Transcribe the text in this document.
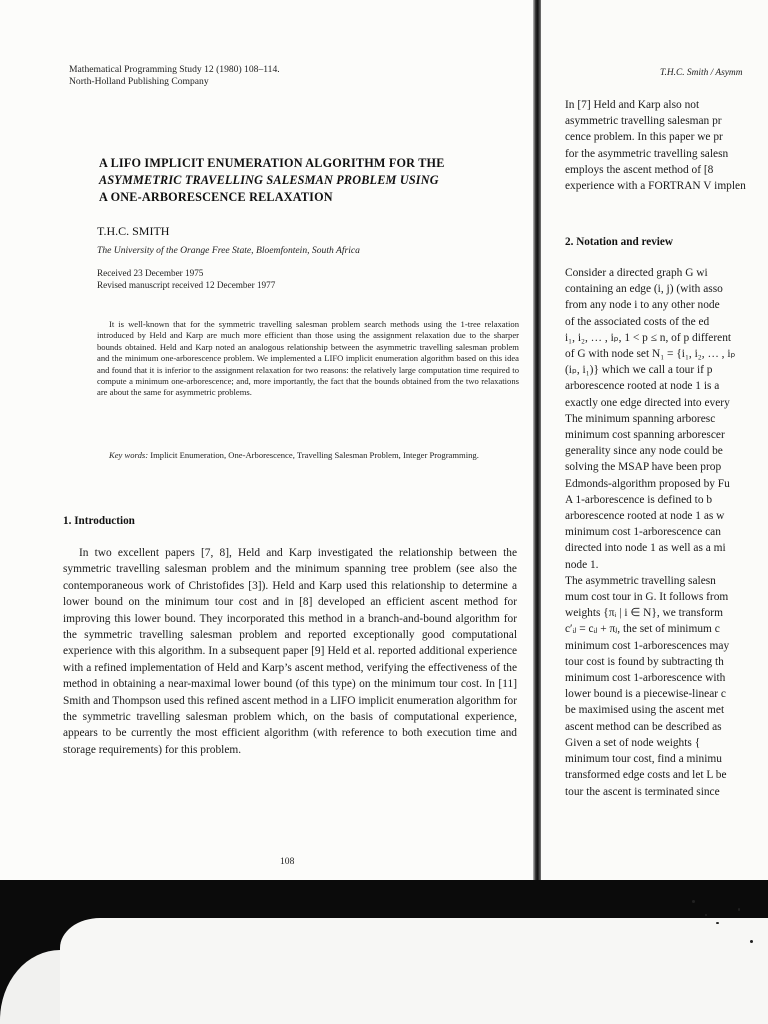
Mathematical Programming Study 12 (1980) 108–114.
North-Holland Publishing Company
A LIFO IMPLICIT ENUMERATION ALGORITHM FOR THE
ASYMMETRIC TRAVELLING SALESMAN PROBLEM USING
A ONE-ARBORESCENCE RELAXATION
T.H.C. SMITH
The University of the Orange Free State, Bloemfontein, South Africa
Received 23 December 1975
Revised manuscript received 12 December 1977

It is well-known that for the symmetric travelling salesman problem search methods using the 1-tree relaxation introduced by Held and Karp are much more efficient than those using the assignment relaxation due to the sharper bounds obtained. Held and Karp noted an analogous relationship between the asymmetric travelling salesman problem and the minimum one-arborescence problem. We implemented a LIFO implicit enumeration algorithm based on this idea and found that it is inferior to the assignment relaxation for two reasons: the relatively large computation time required to compute a minimum one-arborescence; and, more importantly, the fact that the bounds obtained from the two relaxations are about the same for asymmetric problems.

Key words: Implicit Enumeration, One-Arborescence, Travelling Salesman Problem, Integer Programming.
1. Introduction

In two excellent papers [7, 8], Held and Karp investigated the relationship between the symmetric travelling salesman problem and the minimum spanning tree problem (see also the contemporaneous work of Christofides [3]). Held and Karp used this relationship to determine a lower bound on the minimum tour cost and in [8] developed an efficient ascent method for improving this lower bound. They incorporated this method in a branch-and-bound algorithm for the symmetric travelling salesman problem and reported exceptionally good computational experience with this algorithm. In a subsequent paper [9] Held et al. reported additional experience with a refined implementation of Held and Karp’s ascent method, verifying the effectiveness of the method in obtaining a near-maximal lower bound (of this type) on the minimum tour cost. In [11] Smith and Thompson used this refined ascent method in a LIFO implicit enumeration algorithm for the symmetric travelling salesman problem which, on the basis of computational experience, appears to be currently the most efficient algorithm (with reference to both execution time and storage requirements) for this problem.

108
T.H.C. Smith / Asymm
In [7] Held and Karp also not
asymmetric travelling salesman pr
cence problem. In this paper we pr
for the asymmetric travelling salesn
employs the ascent method of [8
experience with a FORTRAN V implen
2. Notation and review
Consider a directed graph G wi
containing an edge (i, j) (with asso
from any node i to any other node
of the associated costs of the ed
i₁, i₂, … , iₚ, 1 < p ≤ n, of p different
of G with node set N₁ = {i₁, i₂, … , iₚ
(iₚ, i₁)} which we call a tour if p
arborescence rooted at node 1 is a
exactly one edge directed into every
The minimum spanning arboresc
minimum cost spanning arborescer
generality since any node could be
solving the MSAP have been prop
Edmonds-algorithm proposed by Fu
A 1-arborescence is defined to b
arborescence rooted at node 1 as w
minimum cost 1-arborescence can
directed into node 1 as well as a mi
node 1.
The asymmetric travelling salesn
mum cost tour in G. It follows from
weights {πᵢ | i ∈ N}, we transform
c′ᵢⱼ = cᵢⱼ + πⱼ, the set of minimum c
minimum cost 1-arborescences may
tour cost is found by subtracting th
minimum cost 1-arborescence with
lower bound is a piecewise-linear c
be maximised using the ascent met
ascent method can be described as
Given a set of node weights {
minimum tour cost, find a minimu
transformed edge costs and let L be
tour the ascent is terminated since
